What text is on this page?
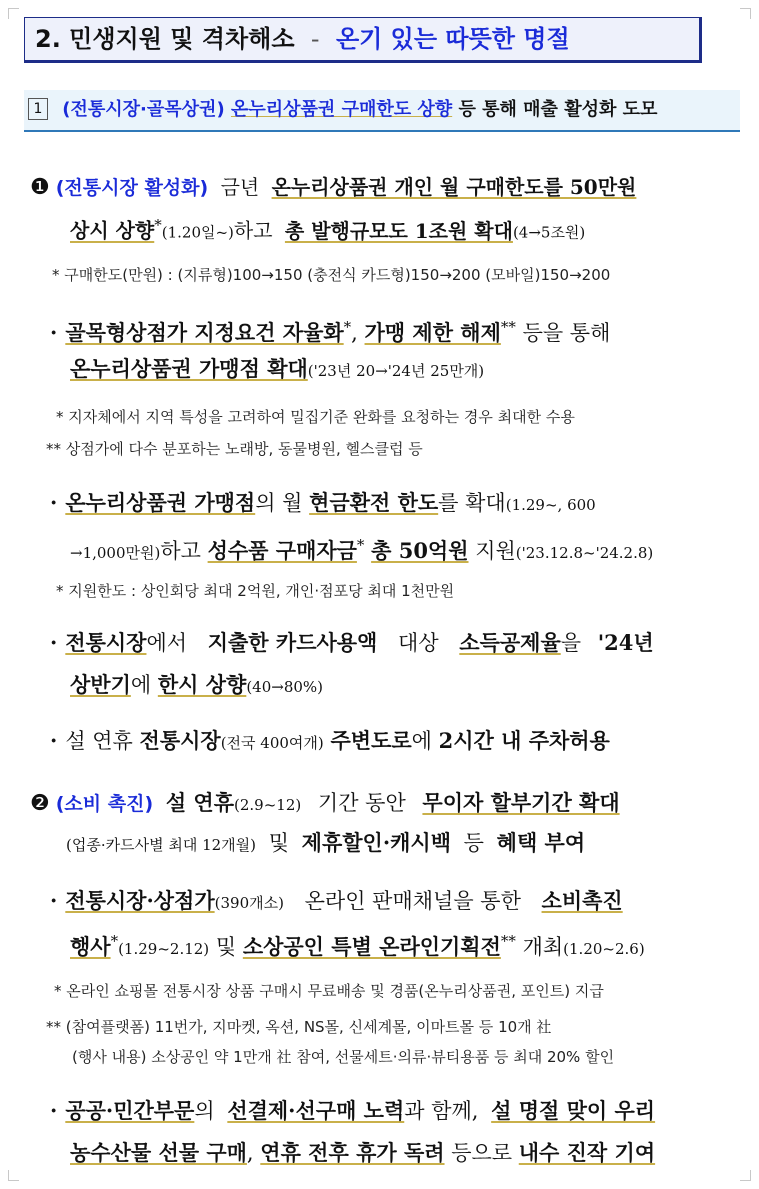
2. 민생지원 및 격차해소 - 온기 있는 따뜻한 명절
1 (전통시장·골목상권) 온누리상품권 구매한도 상향 등 통해 매출 활성화 도모
❶ (전통시장 활성화) 금년 온누리상품권 개인 월 구매한도를 50만원
상시 상향*(1.20일~)하고 총 발행규모도 1조원 확대(4→5조원)
* 구매한도(만원) : (지류형)100→150 (충전식 카드형)150→200 (모바일)150→200
· 골목형상점가 지정요건 자율화*, 가맹 제한 해제** 등을 통해
온누리상품권 가맹점 확대('23년 20→'24년 25만개)
* 지자체에서 지역 특성을 고려하여 밀집기준 완화를 요청하는 경우 최대한 수용
** 상점가에 다수 분포하는 노래방, 동물병원, 헬스클럽 등
· 온누리상품권 가맹점의 월 현금환전 한도를 확대(1.29~, 600
→1,000만원)하고 성수품 구매자금* 총 50억원 지원('23.12.8~'24.2.8)
* 지원한도 : 상인회당 최대 2억원, 개인·점포당 최대 1천만원
· 전통시장에서 지출한 카드사용액 대상 소득공제율을 '24년
상반기에 한시 상향(40→80%)
· 설 연휴 전통시장(전국 400여개) 주변도로에 2시간 내 주차허용
❷ (소비 촉진) 설 연휴(2.9~12) 기간 동안 무이자 할부기간 확대
(업종·카드사별 최대 12개월) 및 제휴할인·캐시백 등 혜택 부여
· 전통시장·상점가(390개소) 온라인 판매채널을 통한 소비촉진
행사*(1.29~2.12) 및 소상공인 특별 온라인기획전** 개최(1.20~2.6)
* 온라인 쇼핑몰 전통시장 상품 구매시 무료배송 및 경품(온누리상품권, 포인트) 지급
** (참여플랫폼) 11번가, 지마켓, 옥션, NS몰, 신세계몰, 이마트몰 등 10개 社
(행사 내용) 소상공인 약 1만개 社 참여, 선물세트·의류·뷰티용품 등 최대 20% 할인
· 공공·민간부문의 선결제·선구매 노력과 함께, 설 명절 맞이 우리
농수산물 선물 구매, 연휴 전후 휴가 독려 등으로 내수 진작 기여
